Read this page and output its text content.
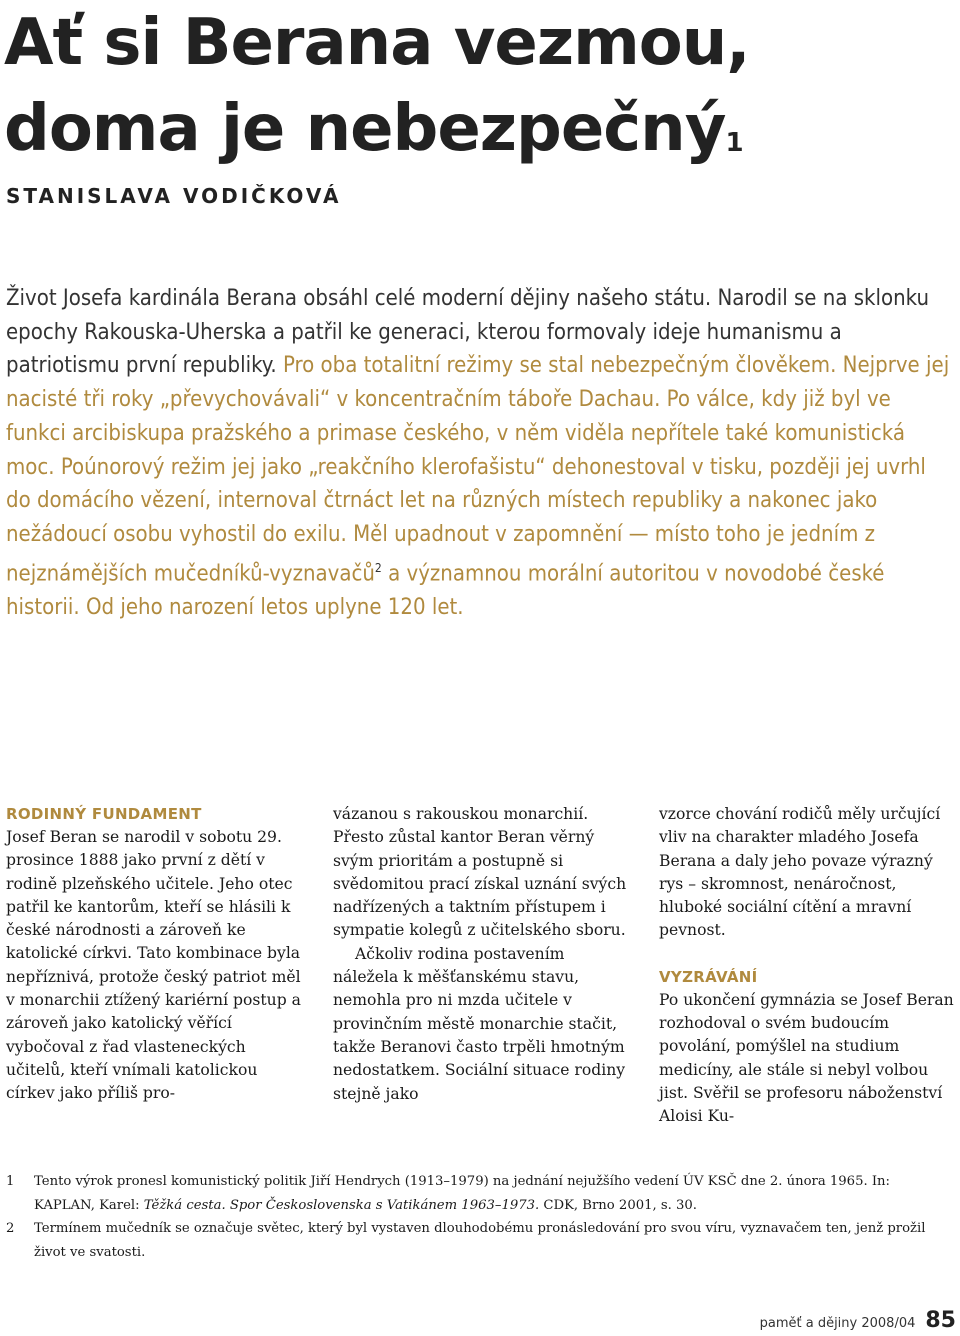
Ať si Berana vezmou,
doma je nebezpečný$^1$
STANISLAVA VODIČKOVÁ
Život Josefa kardinála Berana obsáhl celé moderní dějiny našeho státu. Narodil se na sklonku epochy Rakouska-Uherska a patřil ke generaci, kterou formovaly ideje humanismu a patriotismu první republiky. Pro oba totalitní režimy se stal nebezpečným člověkem. Nejprve jej nacisté tři roky „převychovávali“ v koncentračním táboře Dachau. Po válce, kdy již byl ve funkci arcibiskupa pražského a primase českého, v něm viděla nepřítele také komunistická moc. Poúnorový režim jej jako „reakčního klerofašistu“ dehonestoval v tisku, později jej uvrhl do domácího vězení, internoval čtrnáct let na různých místech republiky a nakonec jako nežádoucí osobu vyhostil do exilu. Měl upadnout v zapomnění — místo toho je jedním z nejznámějších mučedníků-vyznavačů$^2$ a významnou morální autoritou v novodobé české historii. Od jeho narození letos uplyne 120 let.
RODINNÝ FUNDAMENT

Josef Beran se narodil v sobotu 29. prosince 1888 jako první z dětí v rodině plzeňského učitele. Jeho otec patřil ke kantorům, kteří se hlásili k české národnosti a zároveň ke katolické církvi. Tato kombinace byla nepříznivá, protože český patriot měl v monarchii ztížený kariérní postup a zároveň jako katolický věřící vybočoval z řad vlasteneckých učitelů, kteří vnímali katolickou církev jako příliš pro-

vázanou s rakouskou monarchií. Přesto zůstal kantor Beran věrný svým prioritám a postupně si svědomitou prací získal uznání svých nadřízených a taktním přístupem i sympatie kolegů z učitelského sboru.

Ačkoliv rodina postavením náležela k měšťanskému stavu, nemohla pro ni mzda učitele v provinčním městě monarchie stačit, takže Beranovi často trpěli hmotným nedostatkem. Sociální situace rodiny stejně jako

vzorce chování rodičů měly určující vliv na charakter mladého Josefa Berana a daly jeho povaze výrazný rys – skromnost, nenáročnost, hluboké sociální cítění a mravní pevnost.

VYZRÁVÁNÍ

Po ukončení gymnázia se Josef Beran rozhodoval o svém budoucím povolání, pomýšlel na studium medicíny, ale stále si nebyl volbou jist. Svěřil se profesoru náboženství Aloisi Ku-

1	Tento výrok pronesl komunistický politik Jiří Hendrych (1913–1979) na jednání nejužšího vedení ÚV KSČ dne 2. února 1965. In: KAPLAN, Karel: Těžká cesta. Spor Československa s Vatikánem 1963–1973. CDK, Brno 2001, s. 30.
2	Termínem mučedník se označuje světec, který byl vystaven dlouhodobému pronásledování pro svou víru, vyznavačem ten, jenž prožil život ve svatosti.
paměť a dějiny 2008/04 85
